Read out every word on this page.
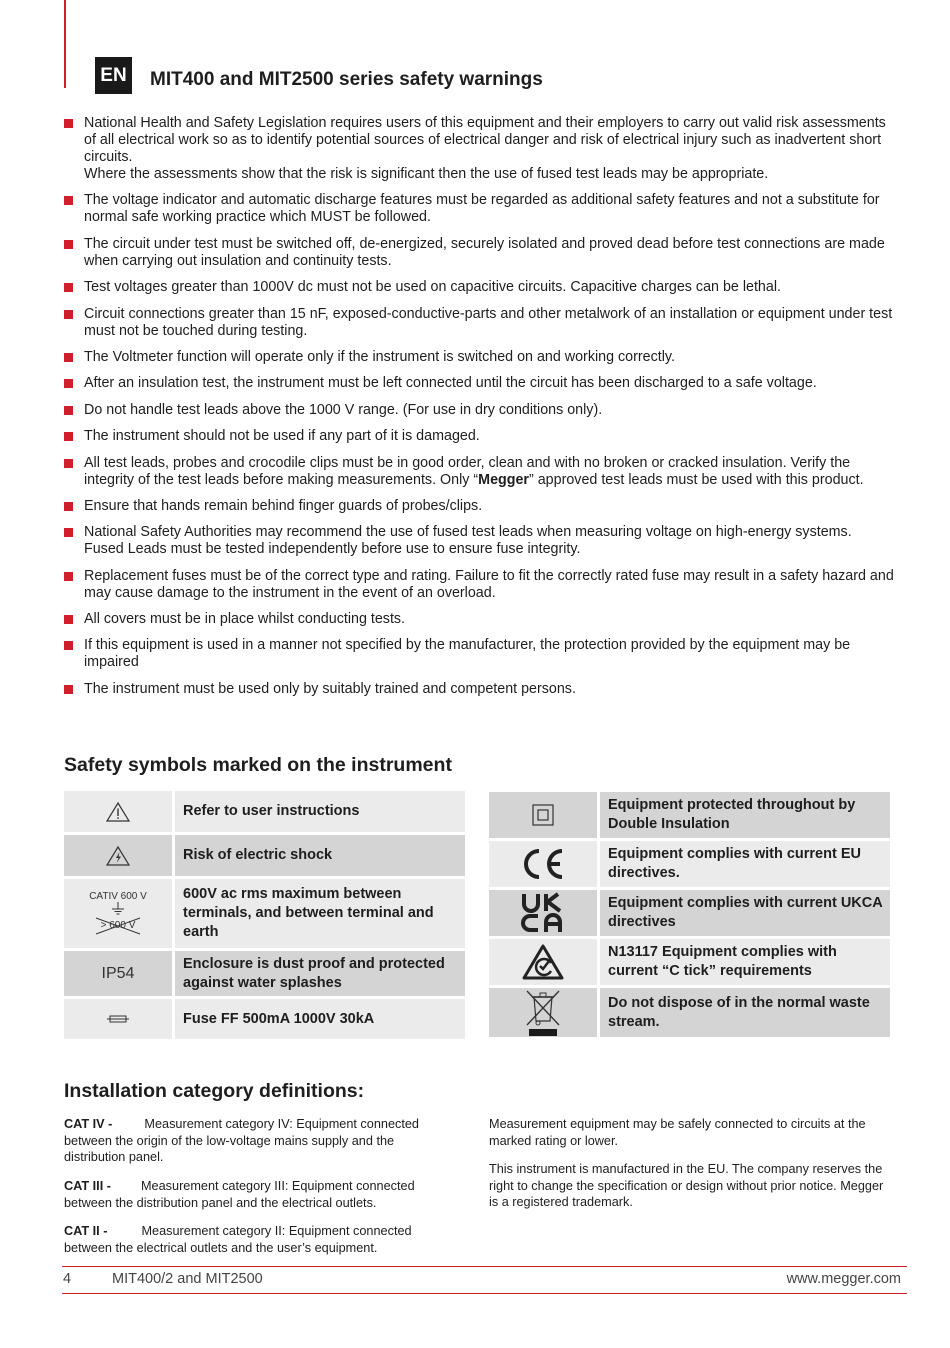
EN MIT400 and MIT2500 series safety warnings

National Health and Safety Legislation requires users of this equipment and their employers to carry out valid risk assessments of all electrical work so as to identify potential sources of electrical danger and risk of electrical injury such as inadvertent short circuits.

Where the assessments show that the risk is significant then the use of fused test leads may be appropriate.

The voltage indicator and automatic discharge features must be regarded as additional safety features and not a substitute for normal safe working practice which MUST be followed.

The circuit under test must be switched off, de-energized, securely isolated and proved dead before test connections are made when carrying out insulation and continuity tests.

Test voltages greater than 1000V dc must not be used on capacitive circuits. Capacitive charges can be lethal.

Circuit connections greater than 15 nF, exposed-conductive-parts and other metalwork of an installation or equipment under test must not be touched during testing.

The Voltmeter function will operate only if the instrument is switched on and working correctly.

After an insulation test, the instrument must be left connected until the circuit has been discharged to a safe voltage.

Do not handle test leads above the 1000 V range. (For use in dry conditions only).

The instrument should not be used if any part of it is damaged.

All test leads, probes and crocodile clips must be in good order, clean and with no broken or cracked insulation. Verify the integrity of the test leads before making measurements. Only “Megger” approved test leads must be used with this product.

Ensure that hands remain behind finger guards of probes/clips.

National Safety Authorities may recommend the use of fused test leads when measuring voltage on high-energy systems.

Fused Leads must be tested independently before use to ensure fuse integrity.

Replacement fuses must be of the correct type and rating. Failure to fit the correctly rated fuse may result in a safety hazard and may cause damage to the instrument in the event of an overload.

All covers must be in place whilst conducting tests.

If this equipment is used in a manner not specified by the manufacturer, the protection provided by the equipment may be impaired

The instrument must be used only by suitably trained and competent persons.

Safety symbols marked on the instrument
	Refer to user instructions

	Risk of electric shock

CATIV 600 V
> 600 V	600V ac rms maximum between terminals, and between terminal and earth
IP54	Enclosure is dust proof and protected against water splashes

	Fuse FF 500mA 1000V 30kA
	Equipment protected throughout by Double Insulation

	Equipment complies with current EU directives.

	Equipment complies with current UKCA directives

	N13117 Equipment complies with current “C tick” requirements

	Do not dispose of in the normal waste stream.
Installation category definitions:

CAT IV -	Measurement category IV: Equipment connected between the origin of the low-voltage mains supply and the distribution panel.

CAT III - Measurement category III: Equipment connected between the distribution panel and the electrical outlets.

CAT II -	Measurement category II: Equipment connected between the electrical outlets and the user’s equipment.

Measurement equipment may be safely connected to circuits at the marked rating or lower.

This instrument is manufactured in the EU. The company reserves the right to change the specification or design without prior notice. Megger is a registered trademark.

4	MIT400/2 and MIT2500	www.megger.com
